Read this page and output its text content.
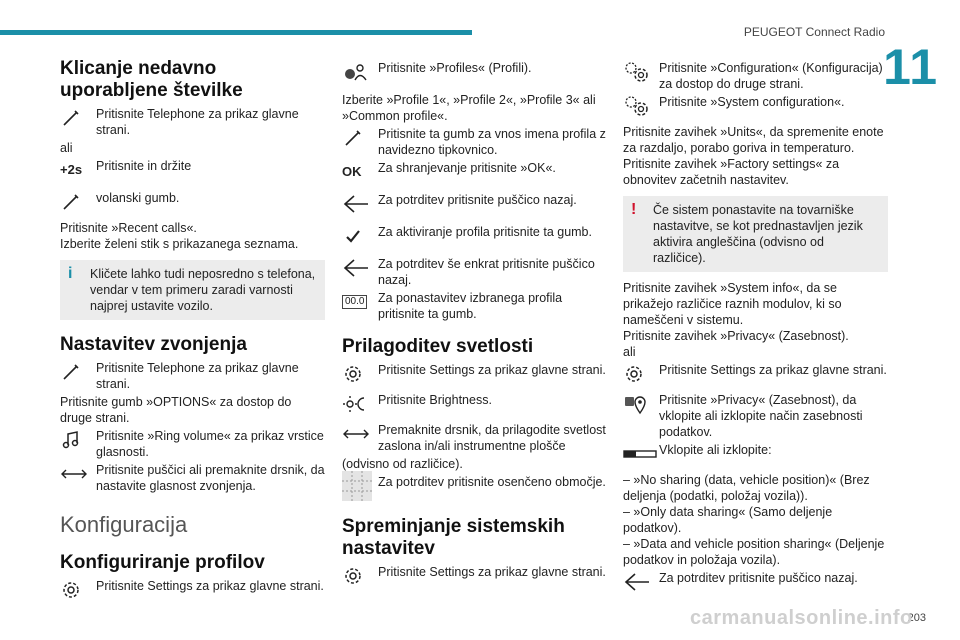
PEUGEOT Connect Radio
11
203
carmanualsonline.info
Klicanje nedavno uporabljene številke

Pritisnite Telephone za prikaz glavne strani.

ali

+2s Pritisnite in držite

volanski gumb.

Pritisnite »Recent calls«.

Izberite želeni stik s prikazanega seznama.

i	Kličete lahko tudi neposredno s telefona, vendar v tem primeru zaradi varnosti najprej ustavite vozilo.

Nastavitev zvonjenja

Pritisnite Telephone za prikaz glavne strani.

Pritisnite gumb »OPTIONS« za dostop do druge strani.

Pritisnite »Ring volume« za prikaz vrstice glasnosti.

Pritisnite puščici ali premaknite drsnik, da nastavite glasnost zvonjenja.

Konfiguracija
Konfiguriranje profilov

Pritisnite Settings za prikaz glavne strani.

Pritisnite »Profiles« (Profili).

Izberite »Profile 1«, »Profile 2«, »Profile 3« ali »Common profile«.

Pritisnite ta gumb za vnos imena profila z navidezno tipkovnico.

OK Za shranjevanje pritisnite »OK«.

Za potrditev pritisnite puščico nazaj.

Za aktiviranje profila pritisnite ta gumb.

Za potrditev še enkrat pritisnite puščico nazaj.

00.0 Za ponastavitev izbranega profila pritisnite ta gumb.

Prilagoditev svetlosti

Pritisnite Settings za prikaz glavne strani.

Pritisnite Brightness.

Premaknite drsnik, da prilagodite svetlost zaslona in/ali instrumentne plošče

(odvisno od različice).

Za potrditev pritisnite osenčeno območje.

Spreminjanje sistemskih nastavitev

Pritisnite Settings za prikaz glavne strani.

Pritisnite »Configuration« (Konfiguracija) za dostop do druge strani.

Pritisnite »System configuration«.

Pritisnite zavihek »Units«, da spremenite enote za razdaljo, porabo goriva in temperaturo.

Pritisnite zavihek »Factory settings« za obnovitev začetnih nastavitev.

!	Če sistem ponastavite na tovarniške nastavitve, se kot prednastavljen jezik aktivira angleščina (odvisno od različice).

Pritisnite zavihek »System info«, da se prikažejo različice raznih modulov, ki so nameščeni v sistemu.

Pritisnite zavihek »Privacy« (Zasebnost).

ali

Pritisnite Settings za prikaz glavne strani.

Pritisnite »Privacy« (Zasebnost), da vklopite ali izklopite način zasebnosti podatkov.

Vklopite ali izklopite:

– »No sharing (data, vehicle position)« (Brez deljenja (podatki, položaj vozila)).

– »Only data sharing« (Samo deljenje podatkov).

– »Data and vehicle position sharing« (Deljenje podatkov in položaja vozila).

Za potrditev pritisnite puščico nazaj.
